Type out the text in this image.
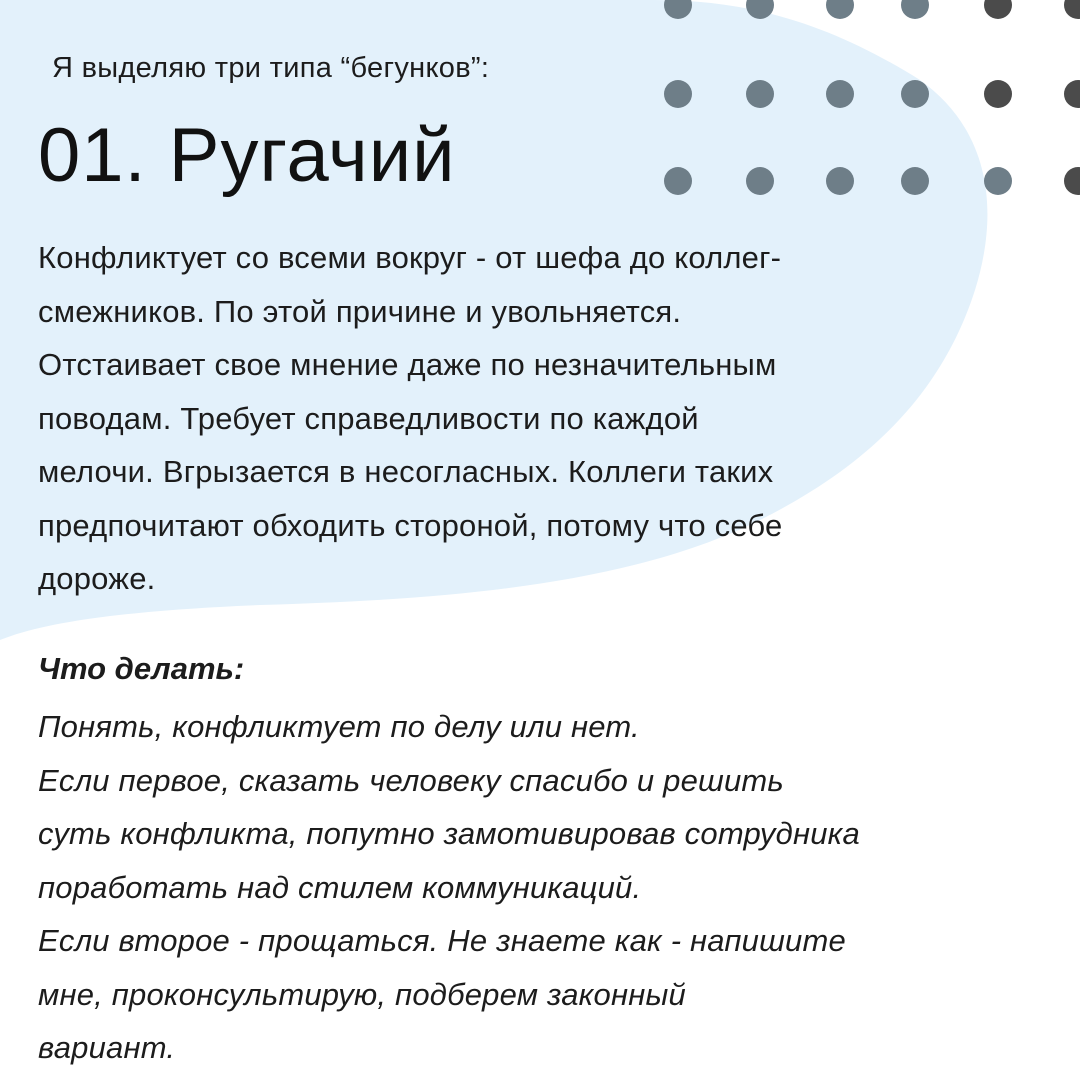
Я выделяю три типа “бегунков”:
01. Ругачий
Конфликтует со всеми вокруг - от шефа до коллег-
смежников. По этой причине и увольняется.
Отстаивает свое мнение даже по незначительным
поводам. Требует справедливости по каждой
мелочи. Вгрызается в несогласных. Коллеги таких
предпочитают обходить стороной, потому что себе
дороже.
Что делать:
Понять, конфликтует по делу или нет.
Если первое, сказать человеку спасибо и решить
суть конфликта, попутно замотивировав сотрудника
поработать над стилем коммуникаций.
Если второе - прощаться. Не знаете как - напишите
мне, проконсультирую, подберем законный
вариант.
